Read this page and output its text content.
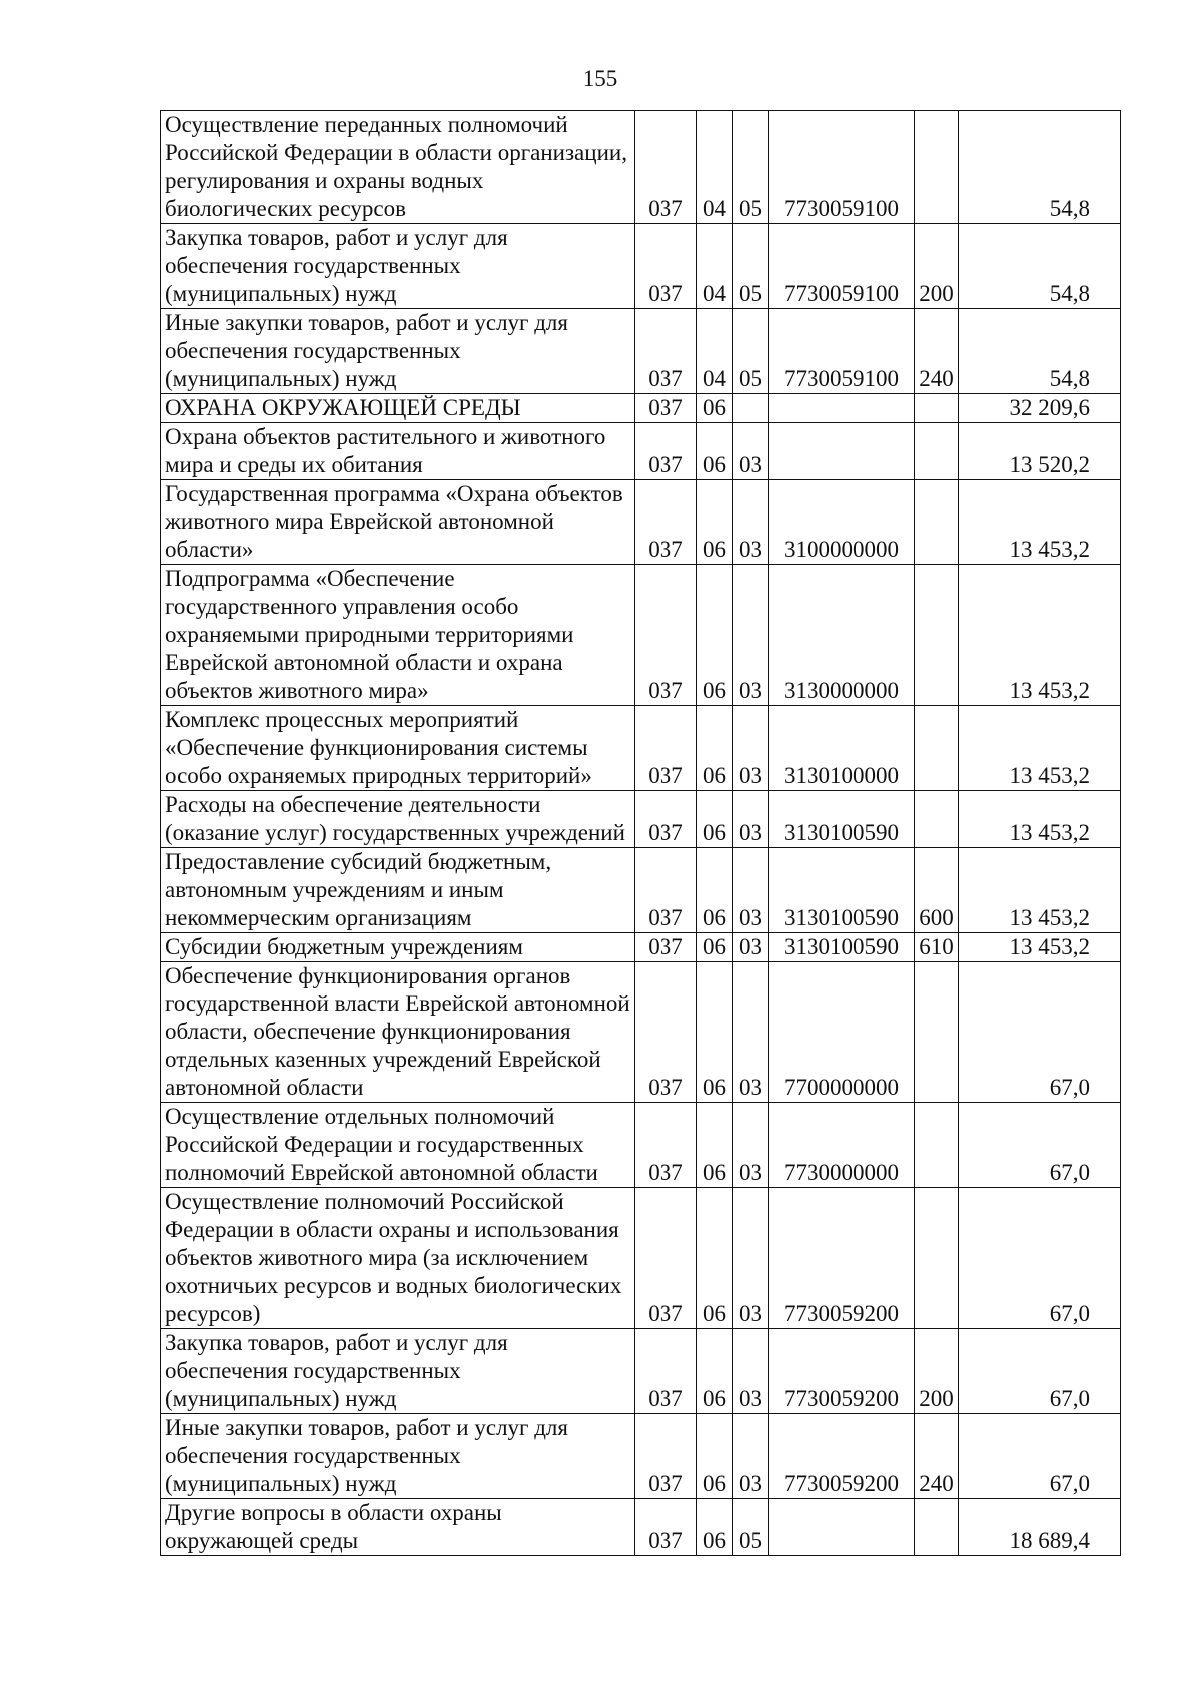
155
Осуществление переданных полномочий Российской Федерации в области организации, регулирования и охраны водных биологических ресурсов	037	04	05	7730059100		54,8
Закупка товаров, работ и услуг для обеспечения государственных (муниципальных) нужд	037	04	05	7730059100	200	54,8
Иные закупки товаров, работ и услуг для обеспечения государственных (муниципальных) нужд	037	04	05	7730059100	240	54,8
ОХРАНА ОКРУЖАЮЩЕЙ СРЕДЫ	037	06				32 209,6
Охрана объектов растительного и животного мира и среды их обитания	037	06	03			13 520,2
Государственная программа «Охрана объектов животного мира Еврейской автономной области»	037	06	03	3100000000		13 453,2
Подпрограмма «Обеспечение государственного управления особо охраняемыми природными территориями Еврейской автономной области и охрана объектов животного мира»	037	06	03	3130000000		13 453,2
Комплекс процессных мероприятий «Обеспечение функционирования системы особо охраняемых природных территорий»	037	06	03	3130100000		13 453,2
Расходы на обеспечение деятельности (оказание услуг) государственных учреждений	037	06	03	3130100590		13 453,2
Предоставление субсидий бюджетным, автономным учреждениям и иным некоммерческим организациям	037	06	03	3130100590	600	13 453,2
Субсидии бюджетным учреждениям	037	06	03	3130100590	610	13 453,2
Обеспечение функционирования органов государственной власти Еврейской автономной области, обеспечение функционирования отдельных казенных учреждений Еврейской автономной области	037	06	03	7700000000		67,0
Осуществление отдельных полномочий Российской Федерации и государственных полномочий Еврейской автономной области	037	06	03	7730000000		67,0
Осуществление полномочий Российской Федерации в области охраны и использования объектов животного мира (за исключением охотничьих ресурсов и водных биологических ресурсов)	037	06	03	7730059200		67,0
Закупка товаров, работ и услуг для обеспечения государственных (муниципальных) нужд	037	06	03	7730059200	200	67,0
Иные закупки товаров, работ и услуг для обеспечения государственных (муниципальных) нужд	037	06	03	7730059200	240	67,0
Другие вопросы в области охраны окружающей среды	037	06	05			18 689,4
